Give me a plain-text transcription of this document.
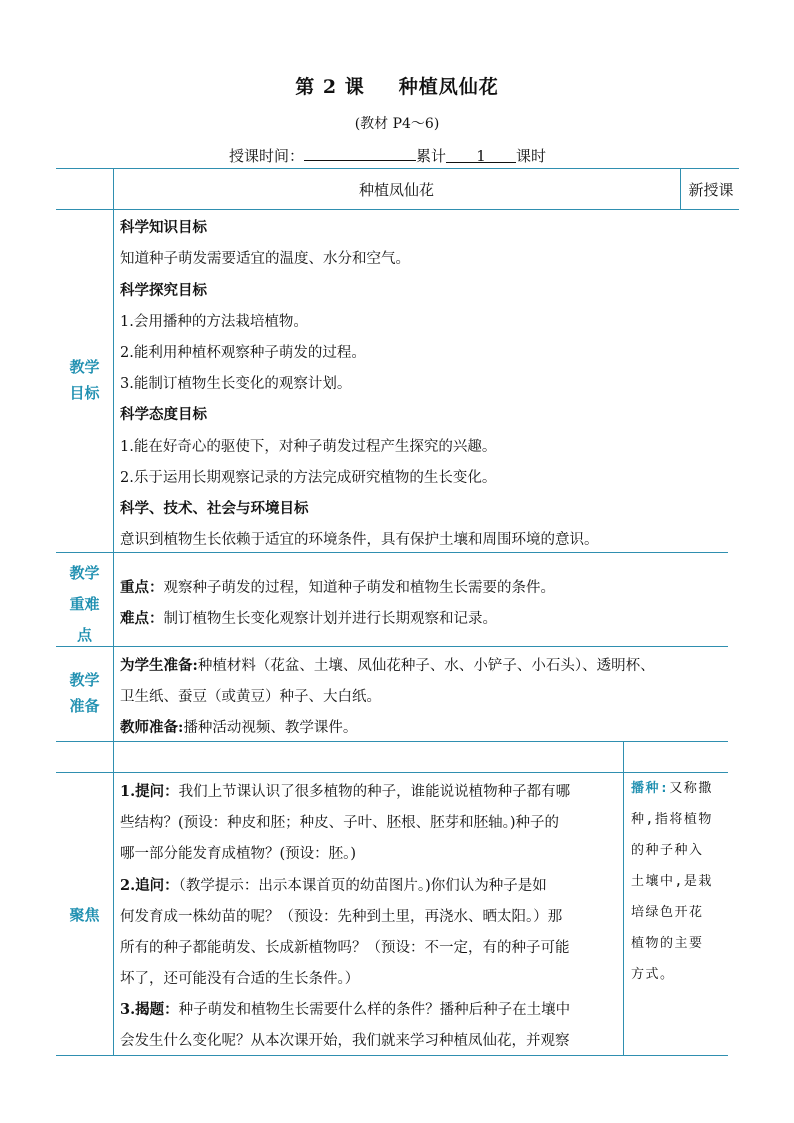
第 2 课 种植凤仙花
(教材 P4～6)
授课时间：	累计 1 课时
种植凤仙花	新授课
教学
目标
科学知识目标
知道种子萌发需要适宜的温度、水分和空气。
科学探究目标
1.会用播种的方法栽培植物。
2.能利用种植杯观察种子萌发的过程。
3.能制订植物生长变化的观察计划。
科学态度目标
1.能在好奇心的驱使下，对种子萌发过程产生探究的兴趣。
2.乐于运用长期观察记录的方法完成研究植物的生长变化。
科学、技术、社会与环境目标
意识到植物生长依赖于适宜的环境条件，具有保护土壤和周围环境的意识。
教学
重难
点
重点：观察种子萌发的过程，知道种子萌发和植物生长需要的条件。
难点：制订植物生长变化观察计划并进行长期观察和记录。
教学
准备
为学生准备:种植材料（花盆、土壤、凤仙花种子、水、小铲子、小石头）、透明杯、
卫生纸、蚕豆（或黄豆）种子、大白纸。
教师准备:播种活动视频、教学课件。
聚焦
1.提问：我们上节课认识了很多植物的种子，谁能说说植物种子都有哪
些结构？(预设：种皮和胚；种皮、子叶、胚根、胚芽和胚轴。)种子的
哪一部分能发育成植物？(预设：胚。)
2.追问：（教学提示：出示本课首页的幼苗图片。)你们认为种子是如
何发育成一株幼苗的呢？（预设：先种到土里，再浇水、晒太阳。）那
所有的种子都能萌发、长成新植物吗？（预设：不一定，有的种子可能
坏了，还可能没有合适的生长条件。）
3.揭题：种子萌发和植物生长需要什么样的条件？播种后种子在土壤中
会发生什么变化呢？从本次课开始，我们就来学习种植凤仙花，并观察
播种:又称撒
种,指将植物
的种子种入
土壤中,是栽
培绿色开花
植物的主要
方式。
